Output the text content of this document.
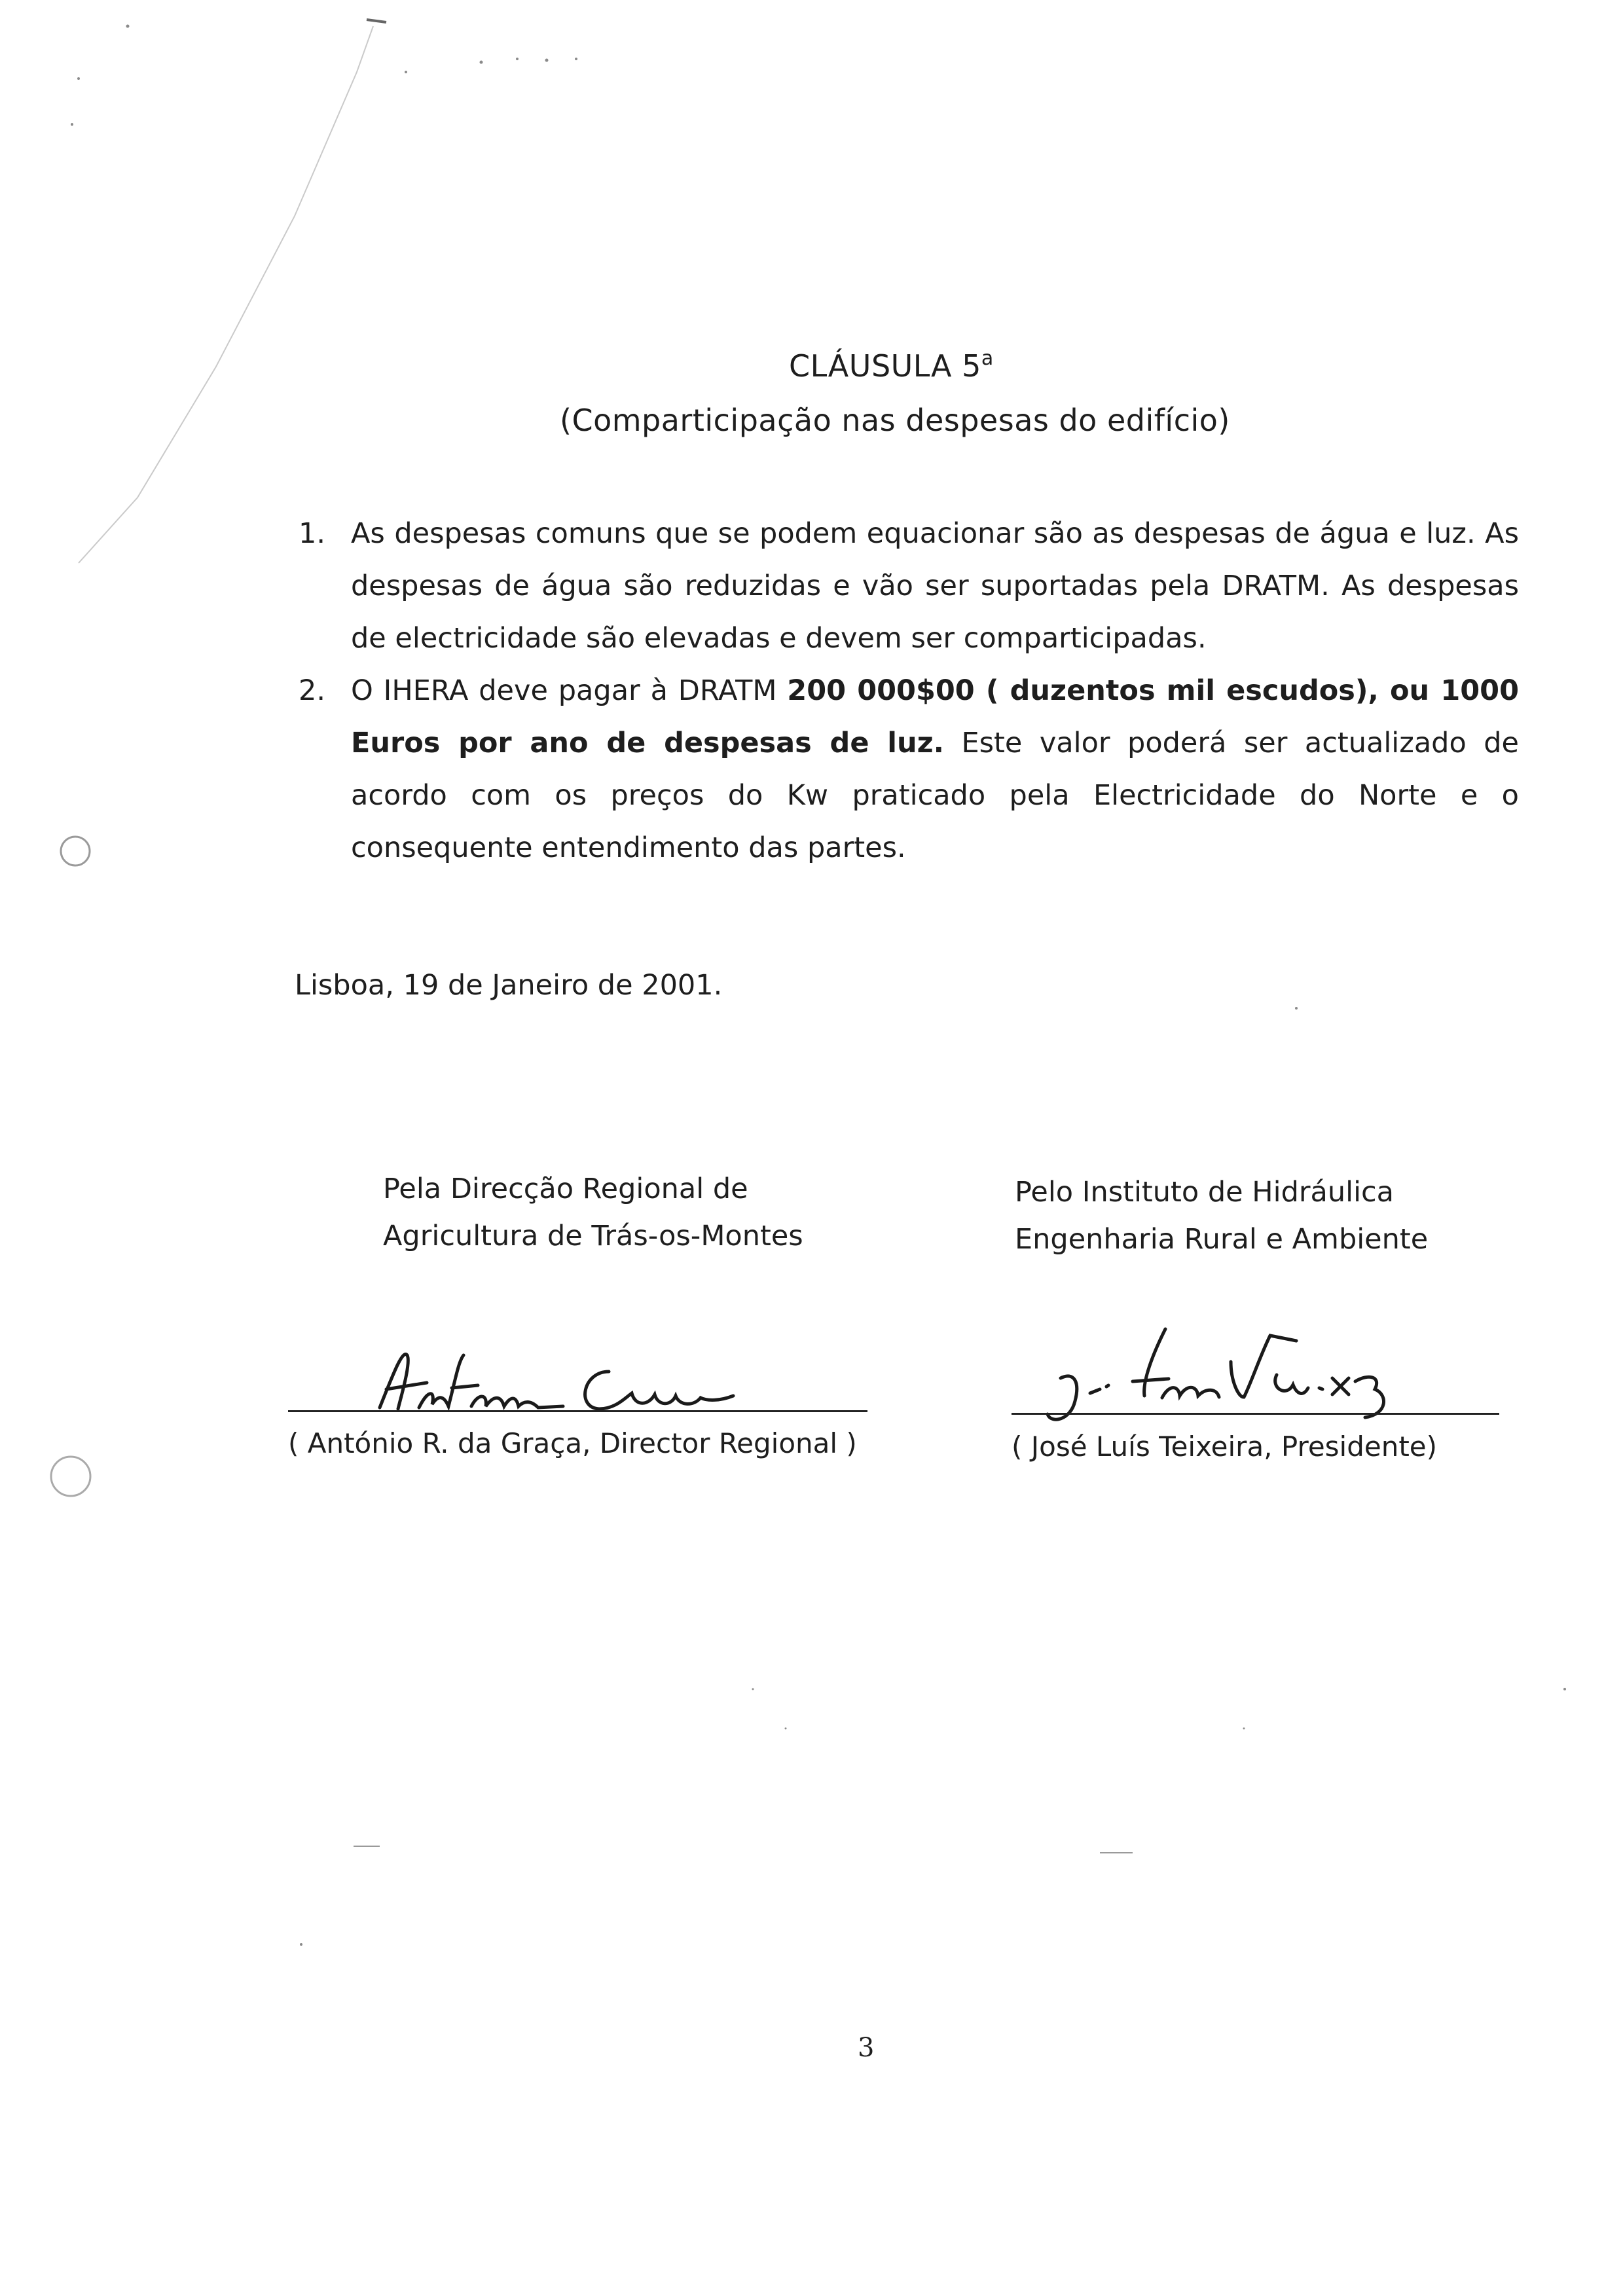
CLÁUSULA 5$^a$
(Comparticipação nas despesas do edifício)
1. As despesas comuns que se podem equacionar são as despesas de água e luz. As despesas de água são reduzidas e vão ser suportadas pela DRATM. As despesas de electricidade são elevadas e devem ser comparticipadas.
2. O IHERA deve pagar à DRATM 200 000$00 ( duzentos mil escudos), ou 1000 Euros por ano de despesas de luz. Este valor poderá ser actualizado de acordo com os preços do Kw praticado pela Electricidade do Norte e o consequente entendimento das partes.
Lisboa, 19 de Janeiro de 2001.
Pela Direcção Regional de
Agricultura de Trás-os-Montes
( António R. da Graça, Director Regional )
Pelo Instituto de Hidráulica
Engenharia Rural e Ambiente
( José Luís Teixeira, Presidente)
3
